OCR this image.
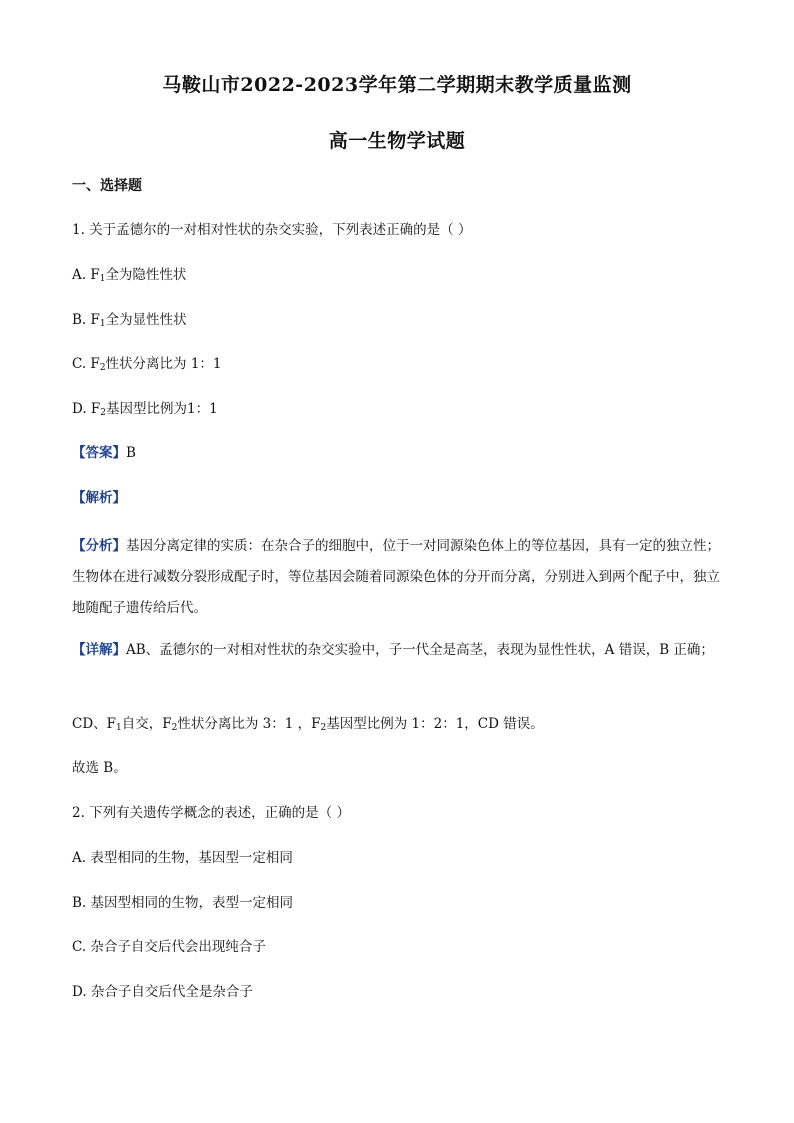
马鞍山市2022-2023学年第二学期期末教学质量监测
高一生物学试题
一、选择题
1. 关于孟德尔的一对相对性状的杂交实验，下列表述正确的是（ ）
A. $F_1$全为隐性性状
B. $F_1$全为显性性状
C. $F_2$性状分离比为 1：1
D. $F_2$基因型比例为1：1
【答案】B
【解析】
【分析】基因分离定律的实质：在杂合子的细胞中，位于一对同源染色体上的等位基因，具有一定的独立性；生物体在进行减数分裂形成配子时，等位基因会随着同源染色体的分开而分离，分别进入到两个配子中，独立地随配子遗传给后代。
【详解】AB、孟德尔的一对相对性状的杂交实验中，子一代全是高茎，表现为显性性状，A 错误，B 正确；
CD、$F_1$自交，$F_2$性状分离比为 3：1 ，$F_2$基因型比例为 1：2：1，CD 错误。
故选 B。
2. 下列有关遗传学概念的表述，正确的是（ ）
A. 表型相同的生物，基因型一定相同
B. 基因型相同的生物，表型一定相同
C. 杂合子自交后代会出现纯合子
D. 杂合子自交后代全是杂合子
